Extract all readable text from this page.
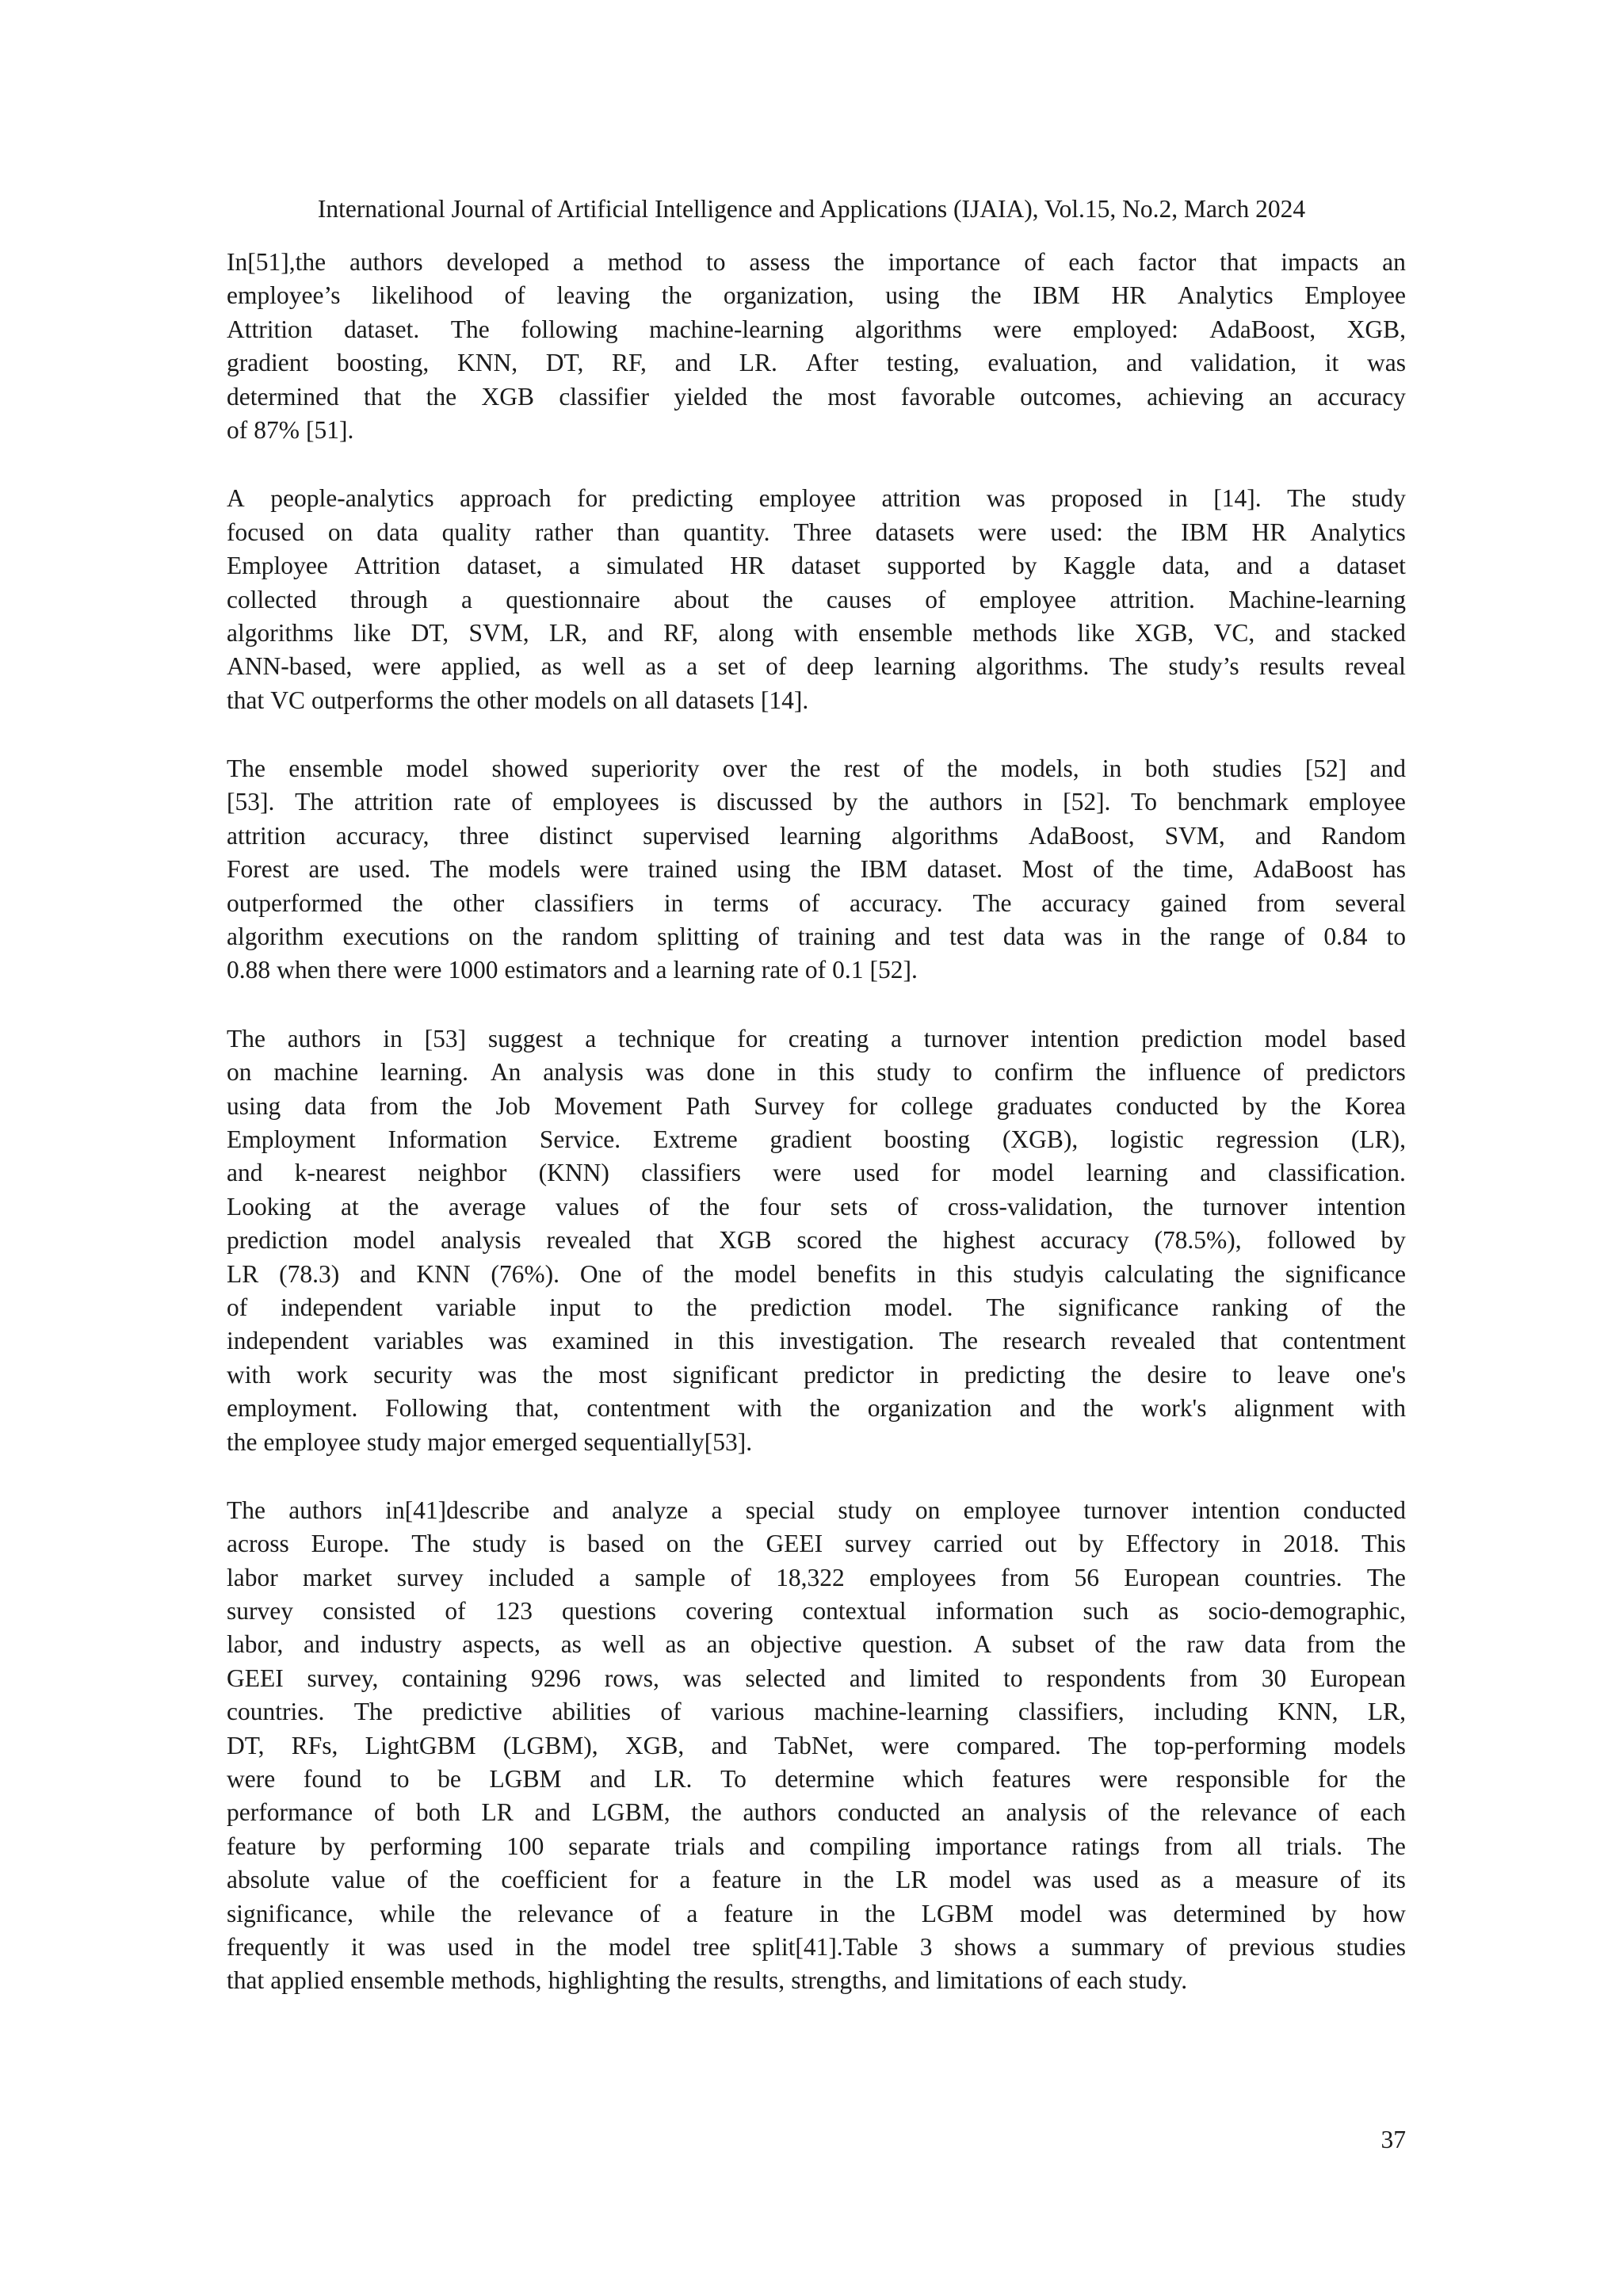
International Journal of Artificial Intelligence and Applications (IJAIA), Vol.15, No.2, March 2024
In[51],the authors developed a method to assess the importance of each factor that impacts an
employee’s likelihood of leaving the organization, using the IBM HR Analytics Employee
Attrition dataset. The following machine-learning algorithms were employed: AdaBoost, XGB,
gradient boosting, KNN, DT, RF, and LR. After testing, evaluation, and validation, it was
determined that the XGB classifier yielded the most favorable outcomes, achieving an accuracy
of 87% [51].
A people-analytics approach for predicting employee attrition was proposed in [14]. The study
focused on data quality rather than quantity. Three datasets were used: the IBM HR Analytics
Employee Attrition dataset, a simulated HR dataset supported by Kaggle data, and a dataset
collected through a questionnaire about the causes of employee attrition. Machine-learning
algorithms like DT, SVM, LR, and RF, along with ensemble methods like XGB, VC, and stacked
ANN-based, were applied, as well as a set of deep learning algorithms. The study’s results reveal
that VC outperforms the other models on all datasets [14].
The ensemble model showed superiority over the rest of the models, in both studies [52] and
[53]. The attrition rate of employees is discussed by the authors in [52]. To benchmark employee
attrition accuracy, three distinct supervised learning algorithms AdaBoost, SVM, and Random
Forest are used. The models were trained using the IBM dataset. Most of the time, AdaBoost has
outperformed the other classifiers in terms of accuracy. The accuracy gained from several
algorithm executions on the random splitting of training and test data was in the range of 0.84 to
0.88 when there were 1000 estimators and a learning rate of 0.1 [52].
The authors in [53] suggest a technique for creating a turnover intention prediction model based
on machine learning. An analysis was done in this study to confirm the influence of predictors
using data from the Job Movement Path Survey for college graduates conducted by the Korea
Employment Information Service. Extreme gradient boosting (XGB), logistic regression (LR),
and k-nearest neighbor (KNN) classifiers were used for model learning and classification.
Looking at the average values of the four sets of cross-validation, the turnover intention
prediction model analysis revealed that XGB scored the highest accuracy (78.5%), followed by
LR (78.3) and KNN (76%). One of the model benefits in this studyis calculating the significance
of independent variable input to the prediction model. The significance ranking of the
independent variables was examined in this investigation. The research revealed that contentment
with work security was the most significant predictor in predicting the desire to leave one's
employment. Following that, contentment with the organization and the work's alignment with
the employee study major emerged sequentially[53].
The authors in[41]describe and analyze a special study on employee turnover intention conducted
across Europe. The study is based on the GEEI survey carried out by Effectory in 2018. This
labor market survey included a sample of 18,322 employees from 56 European countries. The
survey consisted of 123 questions covering contextual information such as socio-demographic,
labor, and industry aspects, as well as an objective question. A subset of the raw data from the
GEEI survey, containing 9296 rows, was selected and limited to respondents from 30 European
countries. The predictive abilities of various machine-learning classifiers, including KNN, LR,
DT, RFs, LightGBM (LGBM), XGB, and TabNet, were compared. The top-performing models
were found to be LGBM and LR. To determine which features were responsible for the
performance of both LR and LGBM, the authors conducted an analysis of the relevance of each
feature by performing 100 separate trials and compiling importance ratings from all trials. The
absolute value of the coefficient for a feature in the LR model was used as a measure of its
significance, while the relevance of a feature in the LGBM model was determined by how
frequently it was used in the model tree split[41].Table 3 shows a summary of previous studies
that applied ensemble methods, highlighting the results, strengths, and limitations of each study.
37
